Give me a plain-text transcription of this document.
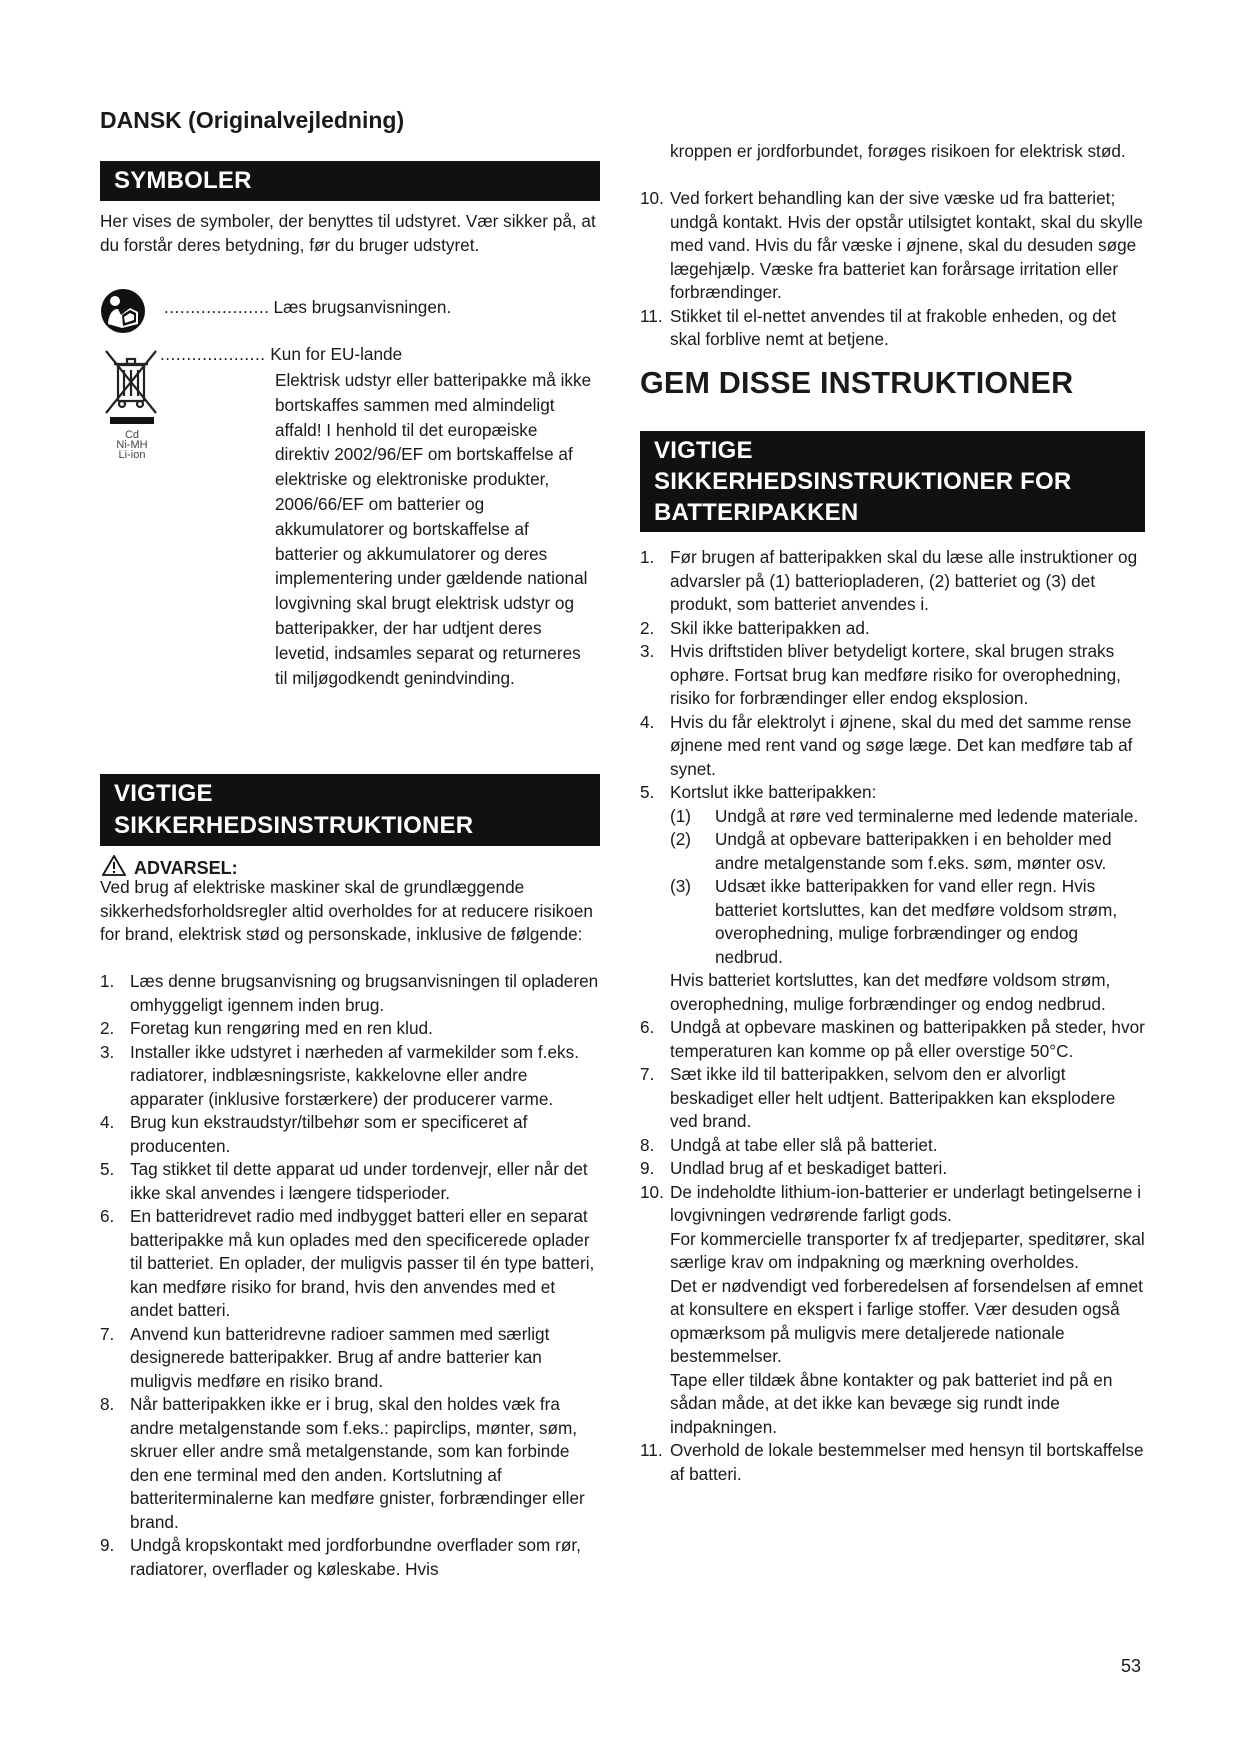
DANSK (Originalvejledning)
SYMBOLER
Her vises de symboler, der benyttes til udstyret. Vær sikker på, at du forstår deres betydning, før du bruger udstyret.
.................... Læs brugsanvisningen.
Cd
Ni-MH
Li-ion
.................... Kun for EU-lande
Elektrisk udstyr eller batteripakke må ikke bortskaffes sammen med almindeligt affald! I henhold til det europæiske direktiv 2002/96/EF om bortskaffelse af elektriske og elektroniske produkter, 2006/66/EF om batterier og akkumulatorer og bortskaffelse af batterier og akkumulatorer og deres implementering under gældende national lovgivning skal brugt elektrisk udstyr og batteripakker, der har udtjent deres levetid, indsamles separat og returneres til miljøgodkendt genindvinding.
VIGTIGE
SIKKERHEDSINSTRUKTIONER
ADVARSEL:
Ved brug af elektriske maskiner skal de grundlæggende sikkerhedsforholdsregler altid overholdes for at reducere risikoen for brand, elektrisk stød og personskade, inklusive de følgende:
1. Læs denne brugsanvisning og brugsanvisningen til opladeren omhyggeligt igennem inden brug.
2. Foretag kun rengøring med en ren klud.
3. Installer ikke udstyret i nærheden af varmekilder som f.eks. radiatorer, indblæsningsriste, kakkelovne eller andre apparater (inklusive forstærkere) der producerer varme.
4. Brug kun ekstraudstyr/tilbehør som er specificeret af producenten.
5. Tag stikket til dette apparat ud under tordenvejr, eller når det ikke skal anvendes i længere tidsperioder.
6. En batteridrevet radio med indbygget batteri eller en separat batteripakke må kun oplades med den specificerede oplader til batteriet. En oplader, der muligvis passer til én type batteri, kan medføre risiko for brand, hvis den anvendes med et andet batteri.
7. Anvend kun batteridrevne radioer sammen med særligt designerede batteripakker. Brug af andre batterier kan muligvis medføre en risiko brand.
8. Når batteripakken ikke er i brug, skal den holdes væk fra andre metalgenstande som f.eks.: papirclips, mønter, søm, skruer eller andre små metalgenstande, som kan forbinde den ene terminal med den anden. Kortslutning af batteriterminalerne kan medføre gnister, forbrændinger eller brand.
9. Undgå kropskontakt med jordforbundne overflader som rør, radiatorer, overflader og køleskabe. Hvis
kroppen er jordforbundet, forøges risikoen for elektrisk stød.
10. Ved forkert behandling kan der sive væske ud fra batteriet; undgå kontakt. Hvis der opstår utilsigtet kontakt, skal du skylle med vand. Hvis du får væske i øjnene, skal du desuden søge lægehjælp. Væske fra batteriet kan forårsage irritation eller forbrændinger.
11. Stikket til el-nettet anvendes til at frakoble enheden, og det skal forblive nemt at betjene.
GEM DISSE INSTRUKTIONER
VIGTIGE
SIKKERHEDSINSTRUKTIONER FOR
BATTERIPAKKEN
1. Før brugen af batteripakken skal du læse alle instruktioner og advarsler på (1) batteriopladeren, (2) batteriet og (3) det produkt, som batteriet anvendes i.
2. Skil ikke batteripakken ad.
3. Hvis driftstiden bliver betydeligt kortere, skal brugen straks ophøre. Fortsat brug kan medføre risiko for overophedning, risiko for forbrændinger eller endog eksplosion.
4. Hvis du får elektrolyt i øjnene, skal du med det samme rense øjnene med rent vand og søge læge. Det kan medføre tab af synet.
5. Kortslut ikke batteripakken:
(1) Undgå at røre ved terminalerne med ledende materiale.
(2) Undgå at opbevare batteripakken i en beholder med andre metalgenstande som f.eks. søm, mønter osv.
(3) Udsæt ikke batteripakken for vand eller regn. Hvis batteriet kortsluttes, kan det medføre voldsom strøm, overophedning, mulige forbrændinger og endog nedbrud.
Hvis batteriet kortsluttes, kan det medføre voldsom strøm, overophedning, mulige forbrændinger og endog nedbrud.
6. Undgå at opbevare maskinen og batteripakken på steder, hvor temperaturen kan komme op på eller overstige 50°C.
7. Sæt ikke ild til batteripakken, selvom den er alvorligt beskadiget eller helt udtjent. Batteripakken kan eksplodere ved brand.
8. Undgå at tabe eller slå på batteriet.
9. Undlad brug af et beskadiget batteri.
10. De indeholdte lithium-ion-batterier er underlagt betingelserne i lovgivningen vedrørende farligt gods.
For kommercielle transporter fx af tredjeparter, speditører, skal særlige krav om indpakning og mærkning overholdes.
Det er nødvendigt ved forberedelsen af forsendelsen af emnet at konsultere en ekspert i farlige stoffer. Vær desuden også opmærksom på muligvis mere detaljerede nationale bestemmelser.
Tape eller tildæk åbne kontakter og pak batteriet ind på en sådan måde, at det ikke kan bevæge sig rundt inde indpakningen.
11. Overhold de lokale bestemmelser med hensyn til bortskaffelse af batteri.
53
